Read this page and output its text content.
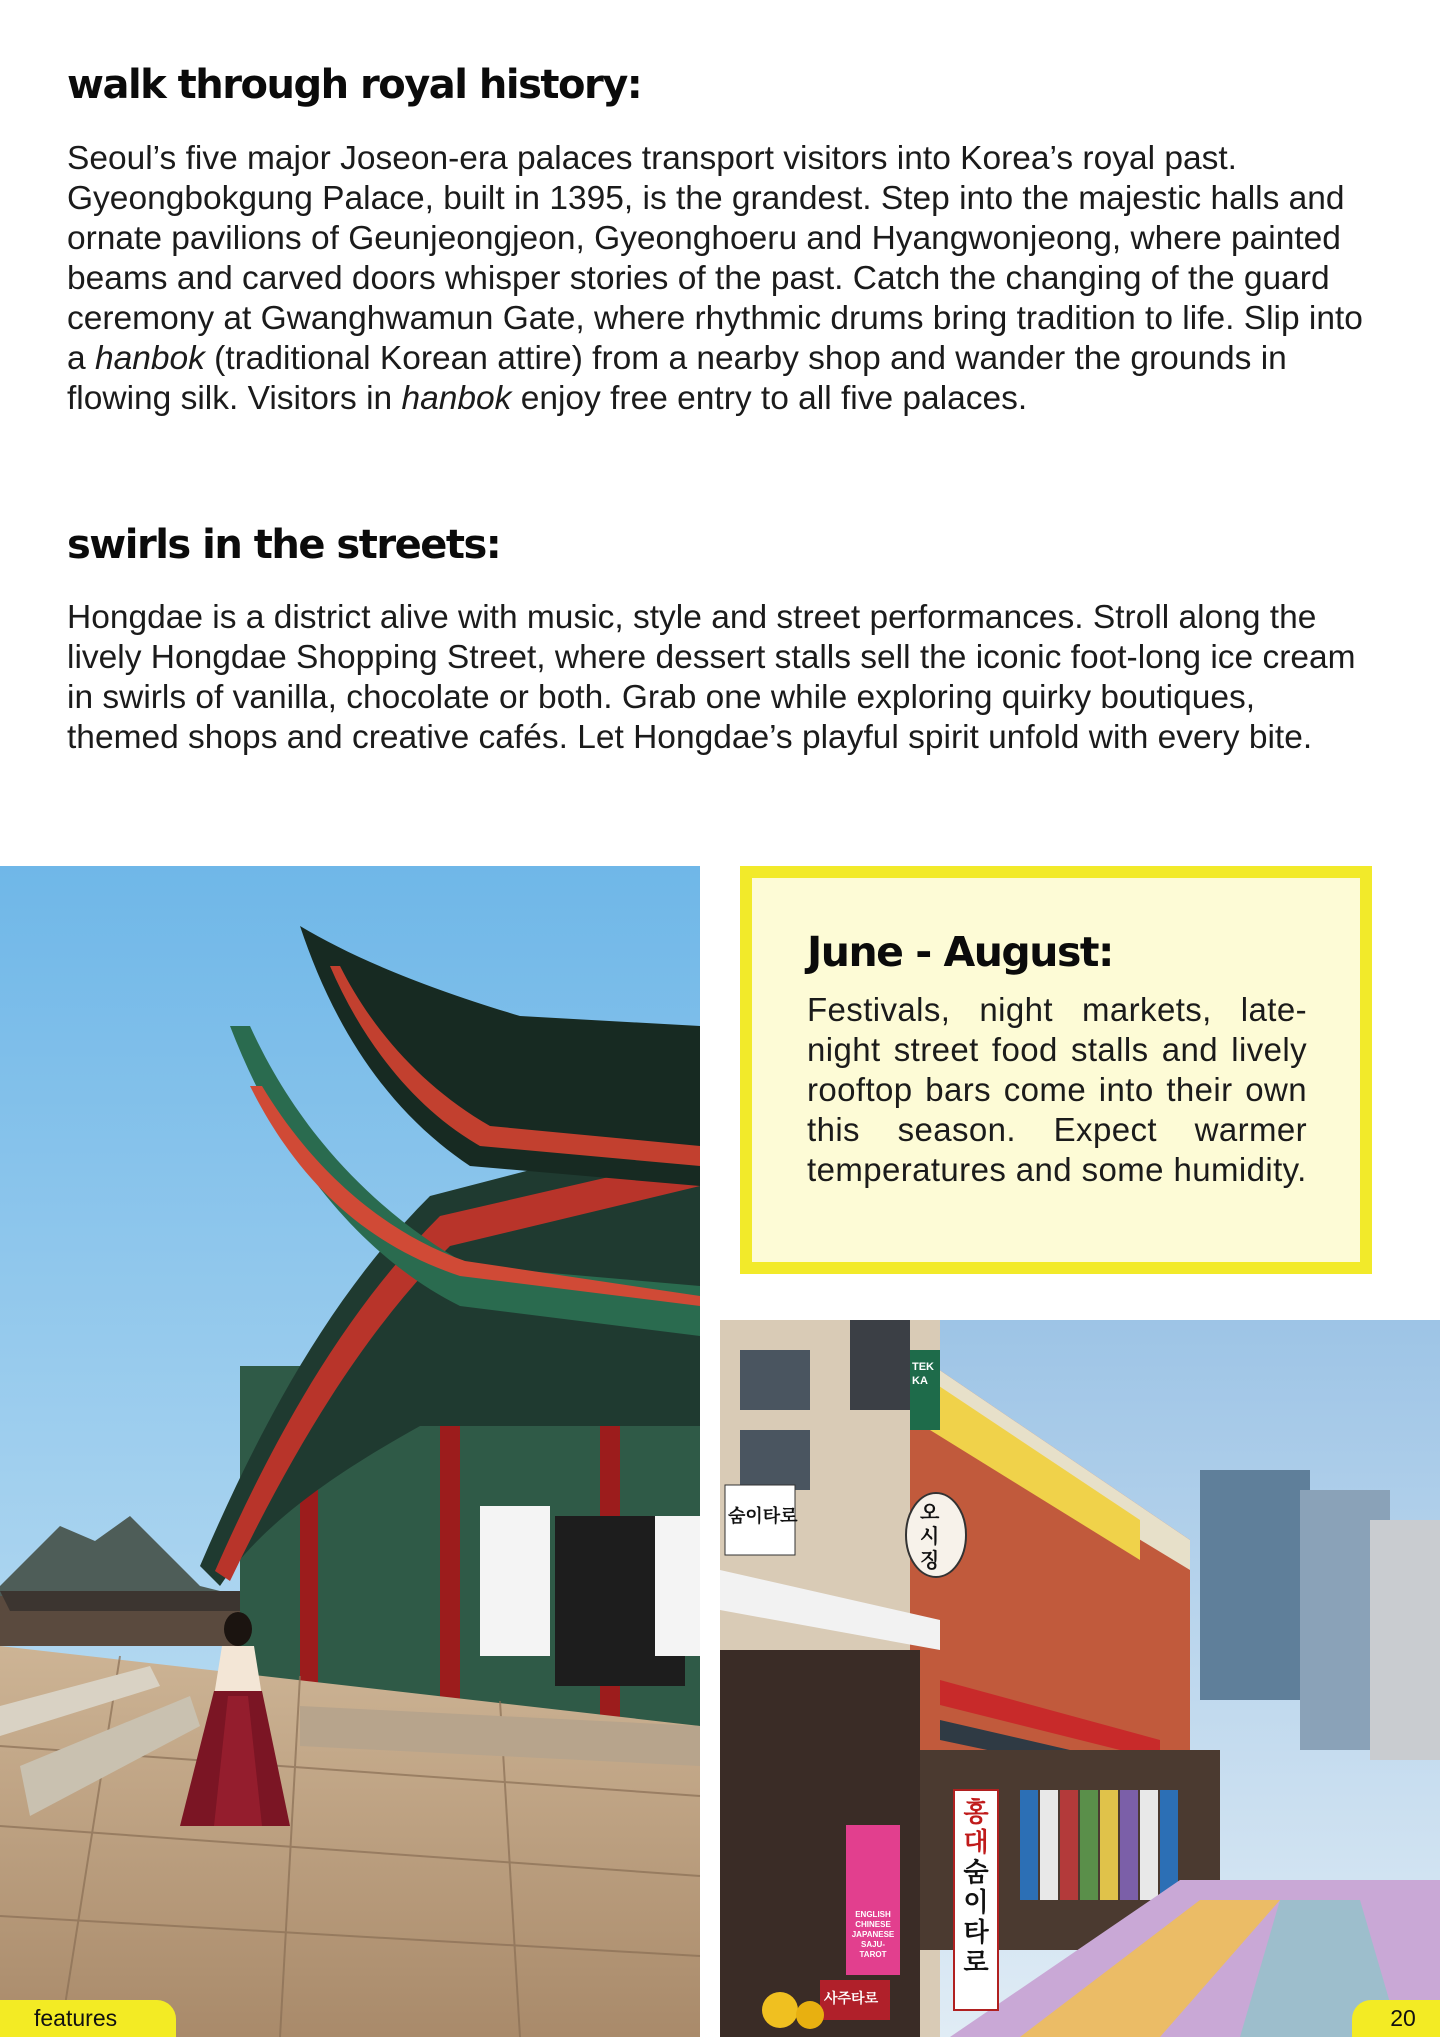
walk through royal history:

Seoul’s five major Joseon-era palaces transport visitors into Korea’s royal past. Gyeongbokgung Palace, built in 1395, is the grandest. Step into the majestic halls and ornate pavilions of Geunjeongjeon, Gyeonghoeru and Hyangwonjeong, where painted beams and carved doors whisper stories of the past. Catch the changing of the guard ceremony at Gwanghwamun Gate, where rhythmic drums bring tradition to life. Slip into a hanbok (traditional Korean attire) from a nearby shop and wander the grounds in flowing silk. Visitors in hanbok enjoy free entry to all five palaces.

swirls in the streets:

Hongdae is a district alive with music, style and street performances. Stroll along the lively Hongdae Shopping Street, where dessert stalls sell the iconic foot-long ice cream in swirls of vanilla, chocolate or both. Grab one while exploring quirky boutiques, themed shops and creative cafés. Let Hongdae’s playful spirit unfold with every bite.

June - August:

Festivals, night markets, late-night street food stalls and lively rooftop bars come into their own this season. Expect warmer temperatures and some humidity.

숨이타로	오시징
TEKKA
홍대
숨이타로
ENGLISH CHINESE JAPANESE SAJU-TAROT
사주타로
features	20
